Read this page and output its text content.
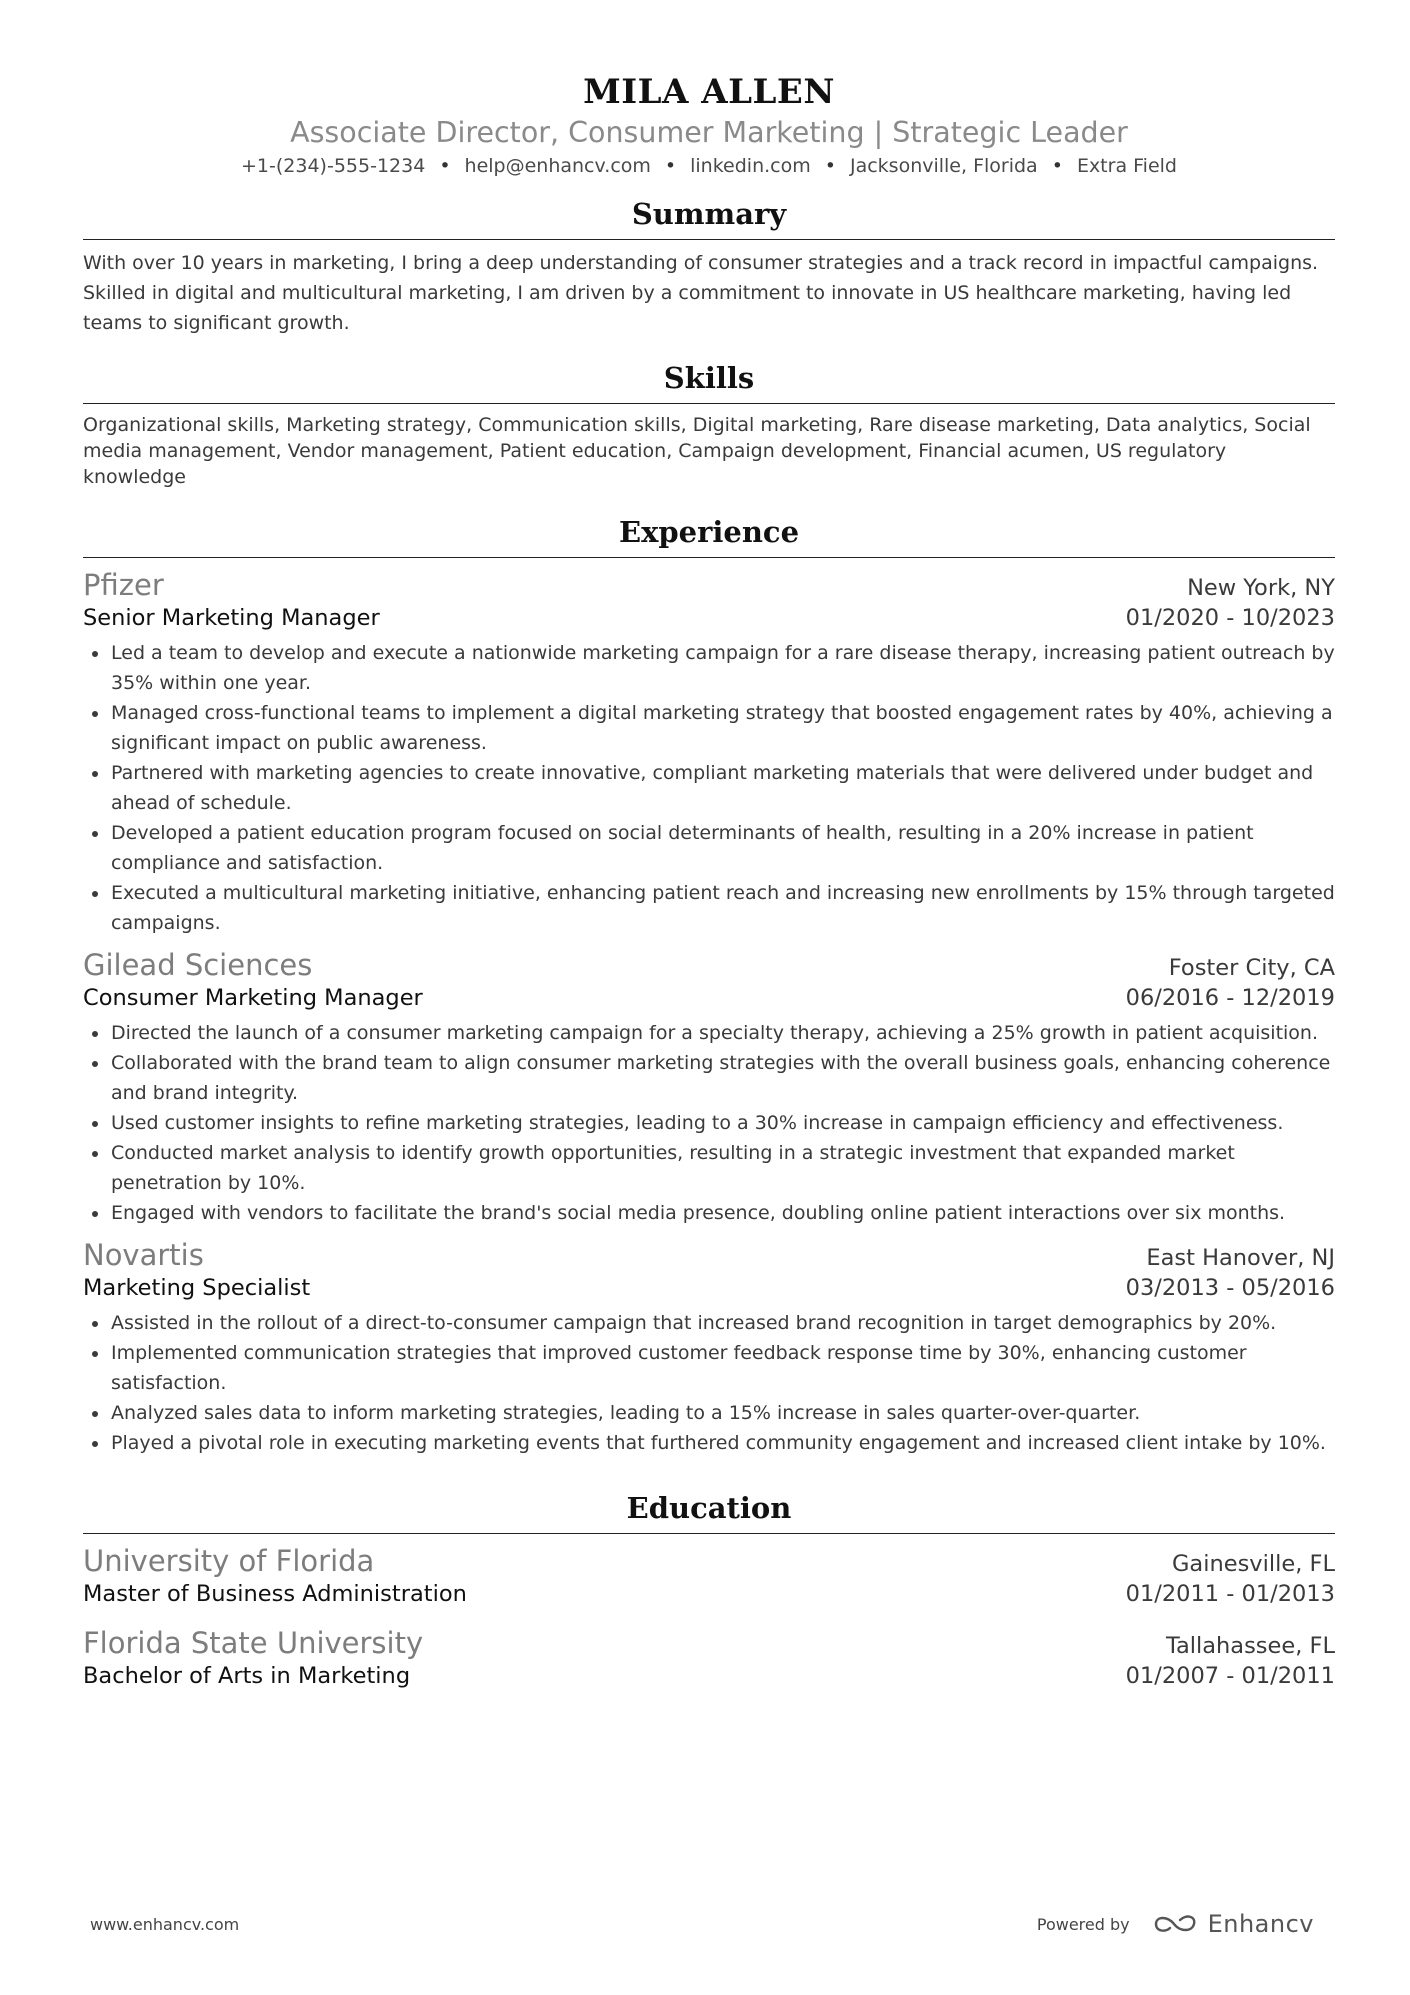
MILA ALLEN
Associate Director, Consumer Marketing | Strategic Leader
+1-(234)-555-1234 • help@enhancv.com • linkedin.com • Jacksonville, Florida • Extra Field
Summary
With over 10 years in marketing, I bring a deep understanding of consumer strategies and a track record in impactful campaigns. Skilled in digital and multicultural marketing, I am driven by a commitment to innovate in US healthcare marketing, having led teams to significant growth.
Skills
Organizational skills, Marketing strategy, Communication skills, Digital marketing, Rare disease marketing, Data analytics, Social media management, Vendor management, Patient education, Campaign development, Financial acumen, US regulatory knowledge
Experience
Pfizer	New York, NY
Senior Marketing Manager	01/2020 - 10/2023
Led a team to develop and execute a nationwide marketing campaign for a rare disease therapy, increasing patient outreach by 35% within one year.
Managed cross-functional teams to implement a digital marketing strategy that boosted engagement rates by 40%, achieving a significant impact on public awareness.
Partnered with marketing agencies to create innovative, compliant marketing materials that were delivered under budget and ahead of schedule.
Developed a patient education program focused on social determinants of health, resulting in a 20% increase in patient compliance and satisfaction.
Executed a multicultural marketing initiative, enhancing patient reach and increasing new enrollments by 15% through targeted campaigns.
Gilead Sciences	Foster City, CA
Consumer Marketing Manager	06/2016 - 12/2019
Directed the launch of a consumer marketing campaign for a specialty therapy, achieving a 25% growth in patient acquisition.
Collaborated with the brand team to align consumer marketing strategies with the overall business goals, enhancing coherence and brand integrity.
Used customer insights to refine marketing strategies, leading to a 30% increase in campaign efficiency and effectiveness.
Conducted market analysis to identify growth opportunities, resulting in a strategic investment that expanded market penetration by 10%.
Engaged with vendors to facilitate the brand's social media presence, doubling online patient interactions over six months.
Novartis	East Hanover, NJ
Marketing Specialist	03/2013 - 05/2016
Assisted in the rollout of a direct-to-consumer campaign that increased brand recognition in target demographics by 20%.
Implemented communication strategies that improved customer feedback response time by 30%, enhancing customer satisfaction.
Analyzed sales data to inform marketing strategies, leading to a 15% increase in sales quarter-over-quarter.
Played a pivotal role in executing marketing events that furthered community engagement and increased client intake by 10%.
Education
University of Florida	Gainesville, FL
Master of Business Administration	01/2011 - 01/2013
Florida State University	Tallahassee, FL
Bachelor of Arts in Marketing	01/2007 - 01/2011
www.enhancv.com	Powered by	Enhancv
